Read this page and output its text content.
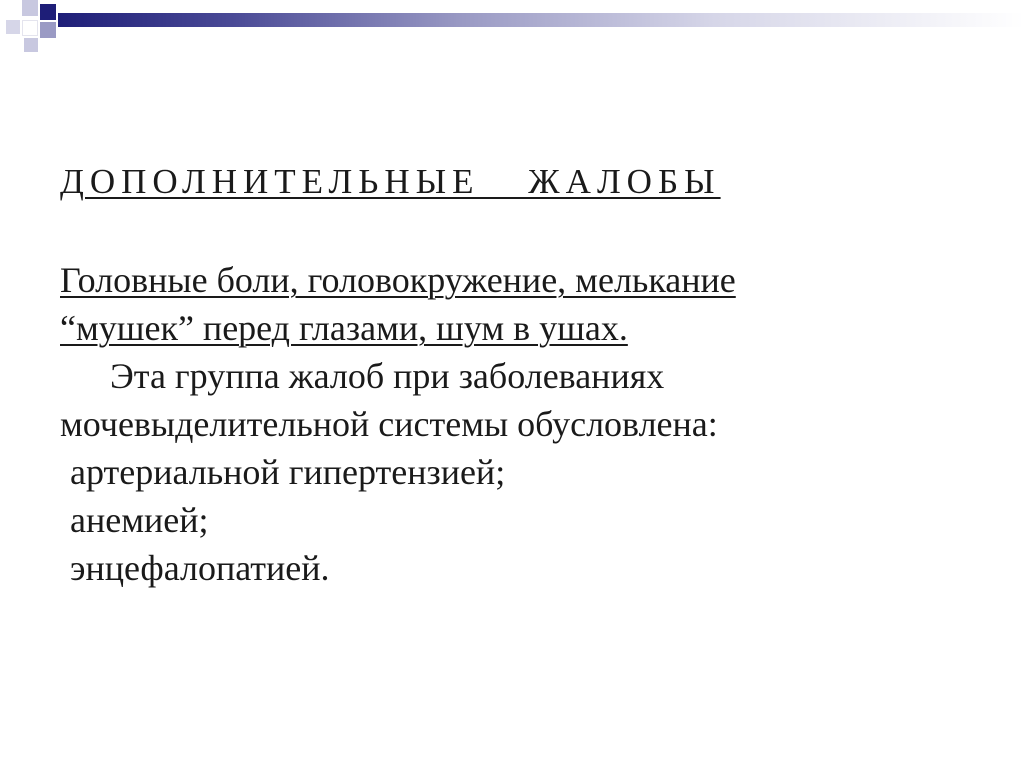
ДОПОЛНИТЕЛЬНЫЕ ЖАЛОБЫ
Головные боли, головокружение, мелькание
“мушек” перед глазами, шум в ушах.
Эта группа жалоб при заболеваниях
мочевыделительной системы обусловлена:
артериальной гипертензией;
анемией;
энцефалопатией.
